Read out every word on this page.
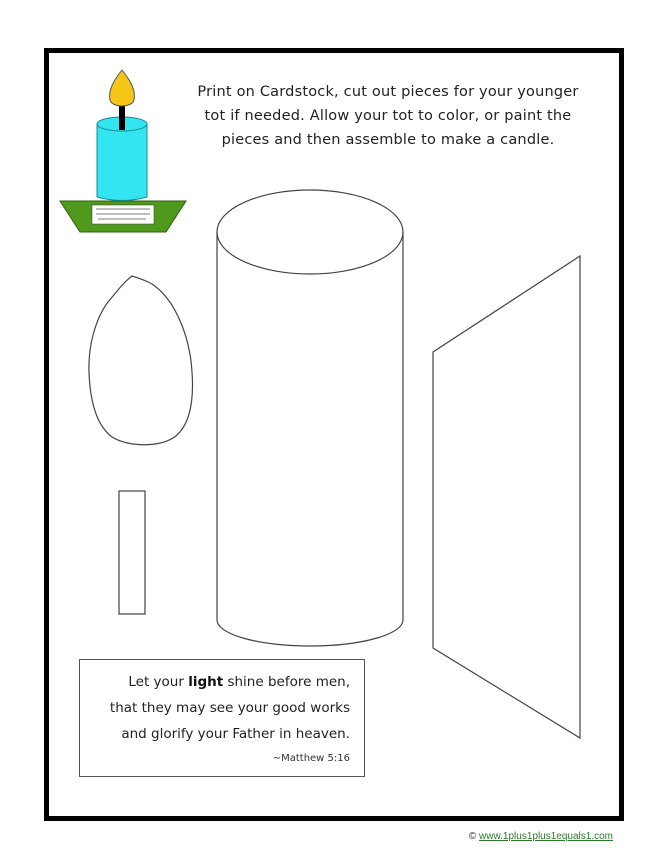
Print on Cardstock, cut out pieces for your younger
tot if needed. Allow your tot to color, or paint the
pieces and then assemble to make a candle.
Let your light shine before men,
that they may see your good works
and glorify your Father in heaven.
~Matthew 5:16
© www.1plus1plus1equals1.com
